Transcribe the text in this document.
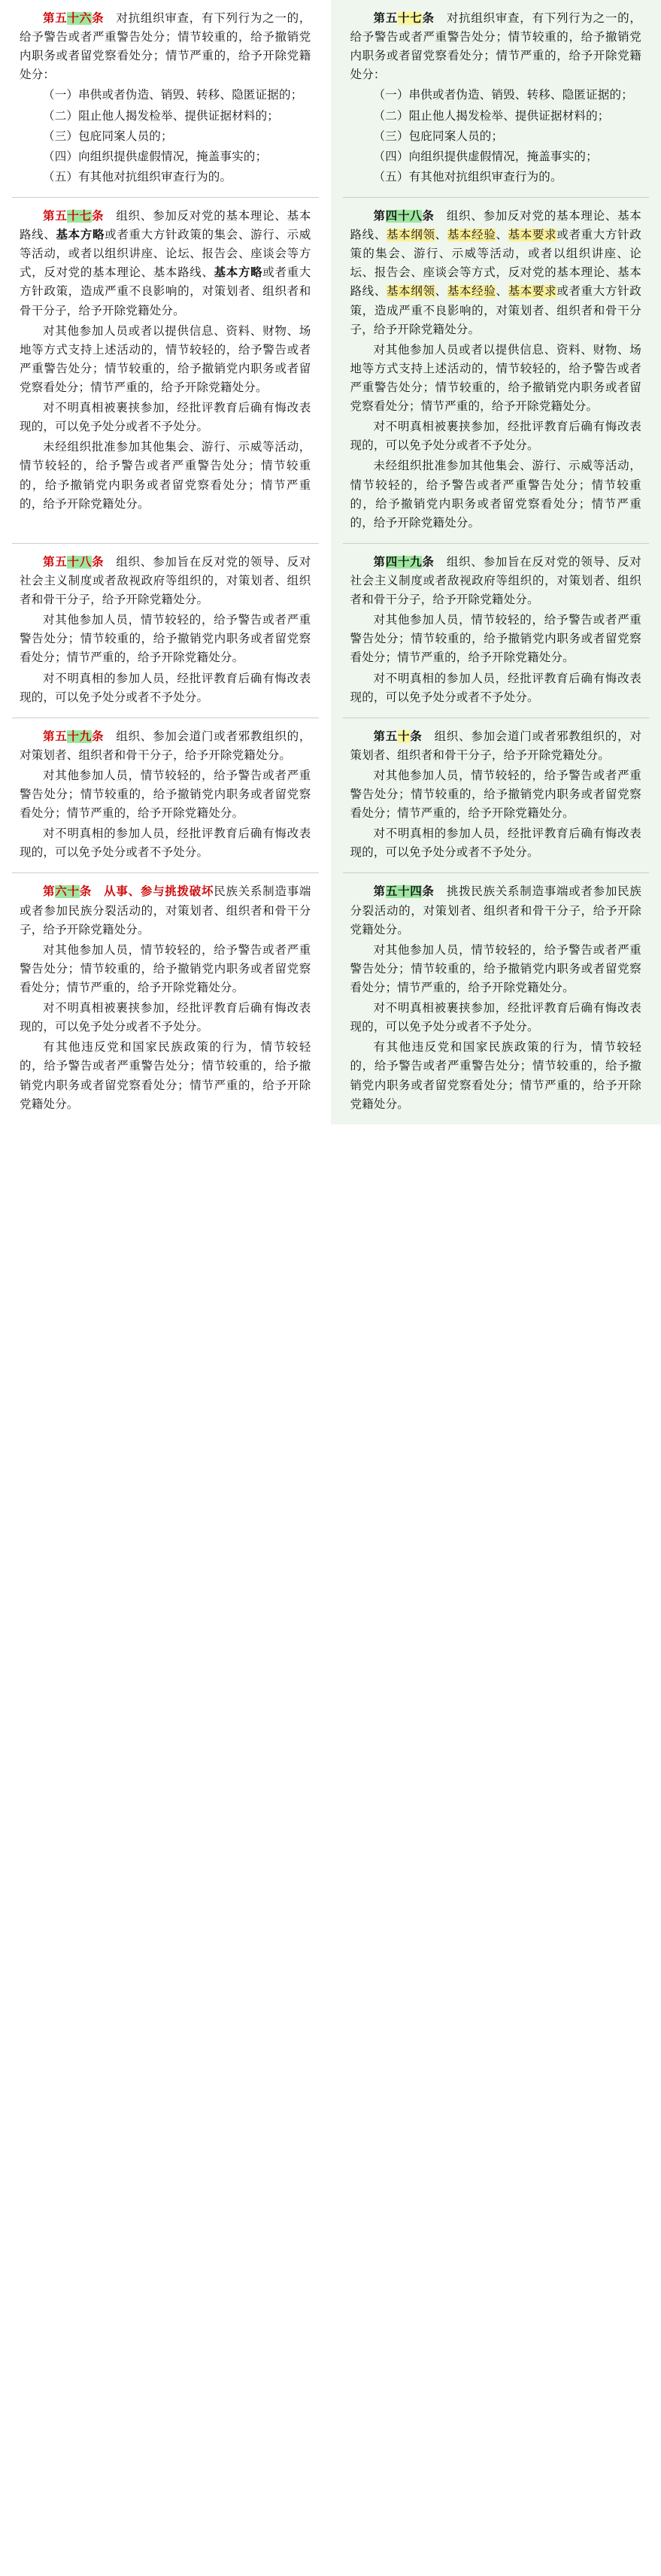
第五十六条　 对抗组织审查，有下列行为之一的，给予警告或者严重警告处分；情节较重的，给予撤销党内职务或者留党察看处分；情节严重的，给予开除党籍处分：

（一）串供或者伪造、销毁、转移、隐匿证据的；

（二）阻止他人揭发检举、提供证据材料的；

（三）包庇同案人员的；

（四）向组织提供虚假情况，掩盖事实的；

（五）有其他对抗组织审查行为的。

第五十七条　 对抗组织审查，有下列行为之一的，给予警告或者严重警告处分；情节较重的，给予撤销党内职务或者留党察看处分；情节严重的，给予开除党籍处分：

（一）串供或者伪造、销毁、转移、隐匿证据的；

（二）阻止他人揭发检举、提供证据材料的；

（三）包庇同案人员的；

（四）向组织提供虚假情况，掩盖事实的；

（五）有其他对抗组织审查行为的。

第五十七条　 组织、参加反对党的基本理论、基本路线、基本方略或者重大方针政策的集会、游行、示威等活动，或者以组织讲座、论坛、报告会、座谈会等方式，反对党的基本理论、基本路线、基本方略或者重大方针政策，造成严重不良影响的，对策划者、组织者和骨干分子，给予开除党籍处分。

对其他参加人员或者以提供信息、资料、财物、场地等方式支持上述活动的，情节较轻的，给予警告或者严重警告处分；情节较重的，给予撤销党内职务或者留党察看处分；情节严重的，给予开除党籍处分。

对不明真相被裹挟参加，经批评教育后确有悔改表现的，可以免予处分或者不予处分。

未经组织批准参加其他集会、游行、示威等活动，情节较轻的，给予警告或者严重警告处分；情节较重的，给予撤销党内职务或者留党察看处分；情节严重的，给予开除党籍处分。

第四十八条　 组织、参加反对党的基本理论、基本路线、基本纲领、基本经验、基本要求或者重大方针政策的集会、游行、示威等活动，或者以组织讲座、论坛、报告会、座谈会等方式，反对党的基本理论、基本路线、基本纲领、基本经验、基本要求或者重大方针政策，造成严重不良影响的，对策划者、组织者和骨干分子，给予开除党籍处分。

对其他参加人员或者以提供信息、资料、财物、场地等方式支持上述活动的，情节较轻的，给予警告或者严重警告处分；情节较重的，给予撤销党内职务或者留党察看处分；情节严重的，给予开除党籍处分。

对不明真相被裹挟参加，经批评教育后确有悔改表现的，可以免予处分或者不予处分。

未经组织批准参加其他集会、游行、示威等活动，情节较轻的，给予警告或者严重警告处分；情节较重的，给予撤销党内职务或者留党察看处分；情节严重的，给予开除党籍处分。

第五十八条　 组织、参加旨在反对党的领导、反对社会主义制度或者敌视政府等组织的，对策划者、组织者和骨干分子，给予开除党籍处分。

对其他参加人员，情节较轻的，给予警告或者严重警告处分；情节较重的，给予撤销党内职务或者留党察看处分；情节严重的，给予开除党籍处分。

对不明真相的参加人员，经批评教育后确有悔改表现的，可以免予处分或者不予处分。

第四十九条　 组织、参加旨在反对党的领导、反对社会主义制度或者敌视政府等组织的，对策划者、组织者和骨干分子，给予开除党籍处分。

对其他参加人员，情节较轻的，给予警告或者严重警告处分；情节较重的，给予撤销党内职务或者留党察看处分；情节严重的，给予开除党籍处分。

对不明真相的参加人员，经批评教育后确有悔改表现的，可以免予处分或者不予处分。

第五十九条　 组织、参加会道门或者邪教组织的，对策划者、组织者和骨干分子，给予开除党籍处分。

对其他参加人员，情节较轻的，给予警告或者严重警告处分；情节较重的，给予撤销党内职务或者留党察看处分；情节严重的，给予开除党籍处分。

对不明真相的参加人员，经批评教育后确有悔改表现的，可以免予处分或者不予处分。

第五十条　 组织、参加会道门或者邪教组织的，对策划者、组织者和骨干分子，给予开除党籍处分。

对其他参加人员，情节较轻的，给予警告或者严重警告处分；情节较重的，给予撤销党内职务或者留党察看处分；情节严重的，给予开除党籍处分。

对不明真相的参加人员，经批评教育后确有悔改表现的，可以免予处分或者不予处分。

第六十条　 从事、参与挑拨破坏民族关系制造事端或者参加民族分裂活动的，对策划者、组织者和骨干分子，给予开除党籍处分。

对其他参加人员，情节较轻的，给予警告或者严重警告处分；情节较重的，给予撤销党内职务或者留党察看处分；情节严重的，给予开除党籍处分。

对不明真相被裹挟参加，经批评教育后确有悔改表现的，可以免予处分或者不予处分。

有其他违反党和国家民族政策的行为，情节较轻的，给予警告或者严重警告处分；情节较重的，给予撤销党内职务或者留党察看处分；情节严重的，给予开除党籍处分。

第五十四条　 挑拨民族关系制造事端或者参加民族分裂活动的，对策划者、组织者和骨干分子，给予开除党籍处分。

对其他参加人员，情节较轻的，给予警告或者严重警告处分；情节较重的，给予撤销党内职务或者留党察看处分；情节严重的，给予开除党籍处分。

对不明真相被裹挟参加，经批评教育后确有悔改表现的，可以免予处分或者不予处分。

有其他违反党和国家民族政策的行为，情节较轻的，给予警告或者严重警告处分；情节较重的，给予撤销党内职务或者留党察看处分；情节严重的，给予开除党籍处分。
